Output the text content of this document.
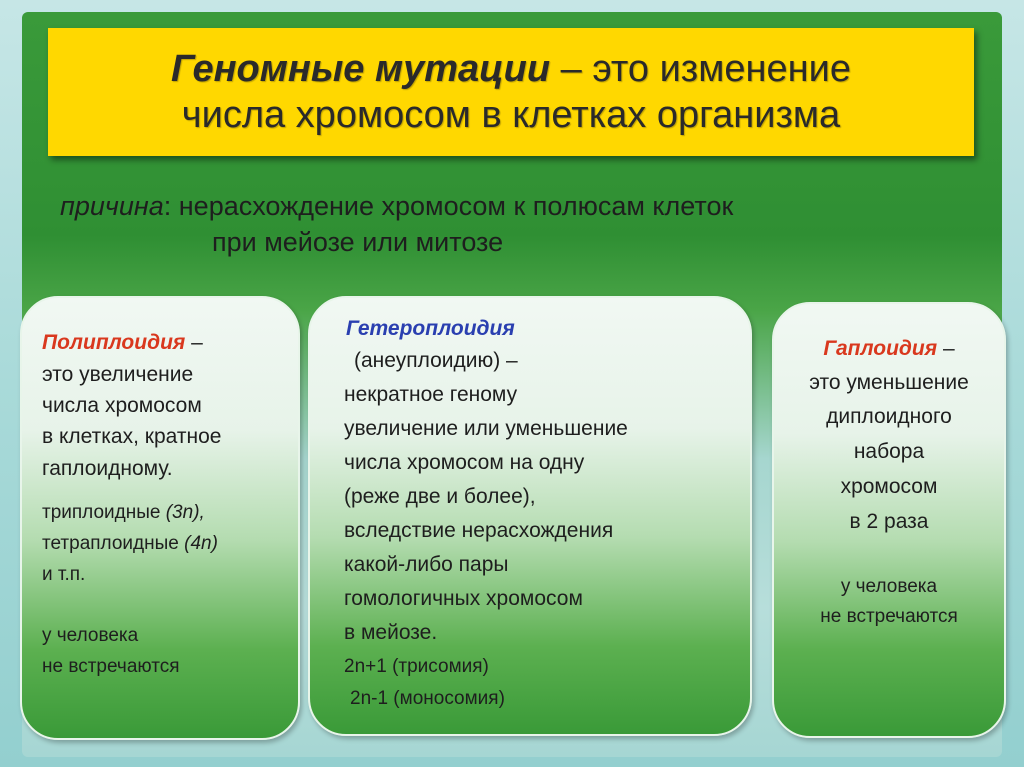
Геномные мутации – это изменение
числа хромосом в клетках организма
причина: нерасхождение хромосом к полюсам клеток
при мейозе или митозе
Полиплоидия –
это увеличение
числа хромосом
в клетках, кратное
гаплоидному.
триплоидные (3n),
тетраплоидные (4n)
и т.п.
у человека
не встречаются
Гетероплоидия
(анеуплоидию) –
некратное геному
увеличение или уменьшение
числа хромосом на одну
(реже две и более),
вследствие нерасхождения
какой-либо пары
гомологичных хромосом
в мейозе.
2n+1 (трисомия)
2n-1 (моносомия)
Гаплоидия –
это уменьшение
диплоидного
набора
хромосом
в 2 раза
у человека
не встречаются
